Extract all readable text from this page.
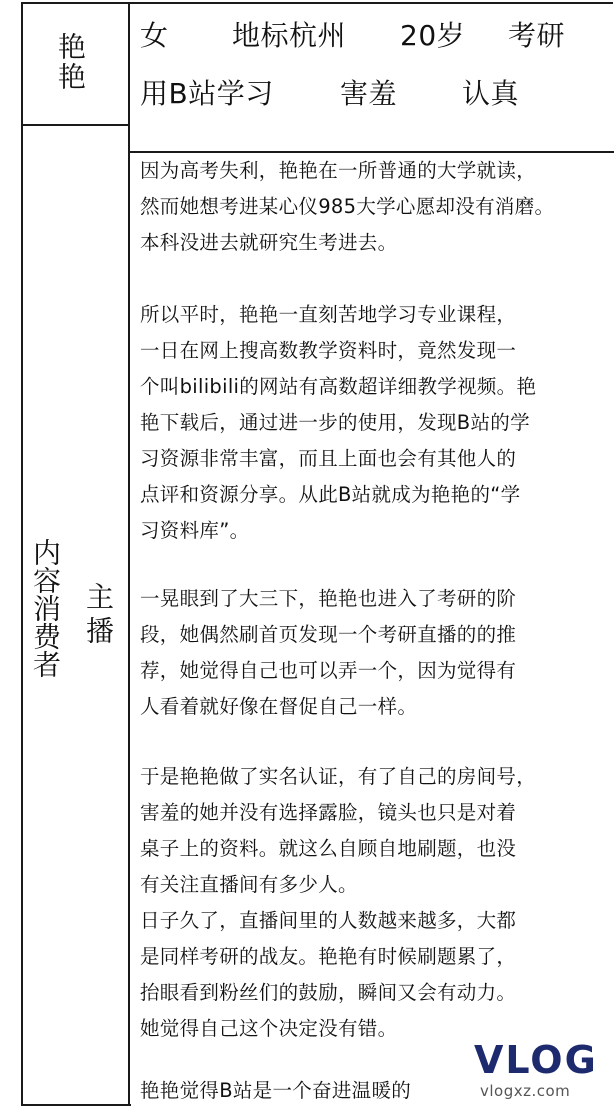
艳艳
内容消费者 主播
女 地标杭州 20岁 考研
用B站学习 害羞 认真
因为高考失利，艳艳在一所普通的大学就读，
然而她想考进某心仪985大学心愿却没有消磨。
本科没进去就研究生考进去。
所以平时，艳艳一直刻苦地学习专业课程，
一日在网上搜高数教学资料时，竟然发现一
个叫bilibili的网站有高数超详细教学视频。艳
艳下载后，通过进一步的使用，发现B站的学
习资源非常丰富，而且上面也会有其他人的
点评和资源分享。从此B站就成为艳艳的“学
习资料库”。
一晃眼到了大三下，艳艳也进入了考研的阶
段，她偶然刷首页发现一个考研直播的的推
荐，她觉得自己也可以弄一个，因为觉得有
人看着就好像在督促自己一样。
于是艳艳做了实名认证，有了自己的房间号，
害羞的她并没有选择露脸，镜头也只是对着
桌子上的资料。就这么自顾自地刷题，也没
有关注直播间有多少人。
日子久了，直播间里的人数越来越多，大都
是同样考研的战友。艳艳有时候刷题累了，
抬眼看到粉丝们的鼓励，瞬间又会有动力。
她觉得自己这个决定没有错。
艳艳觉得B站是一个奋进温暖的
VLOG
vlogxz.com
